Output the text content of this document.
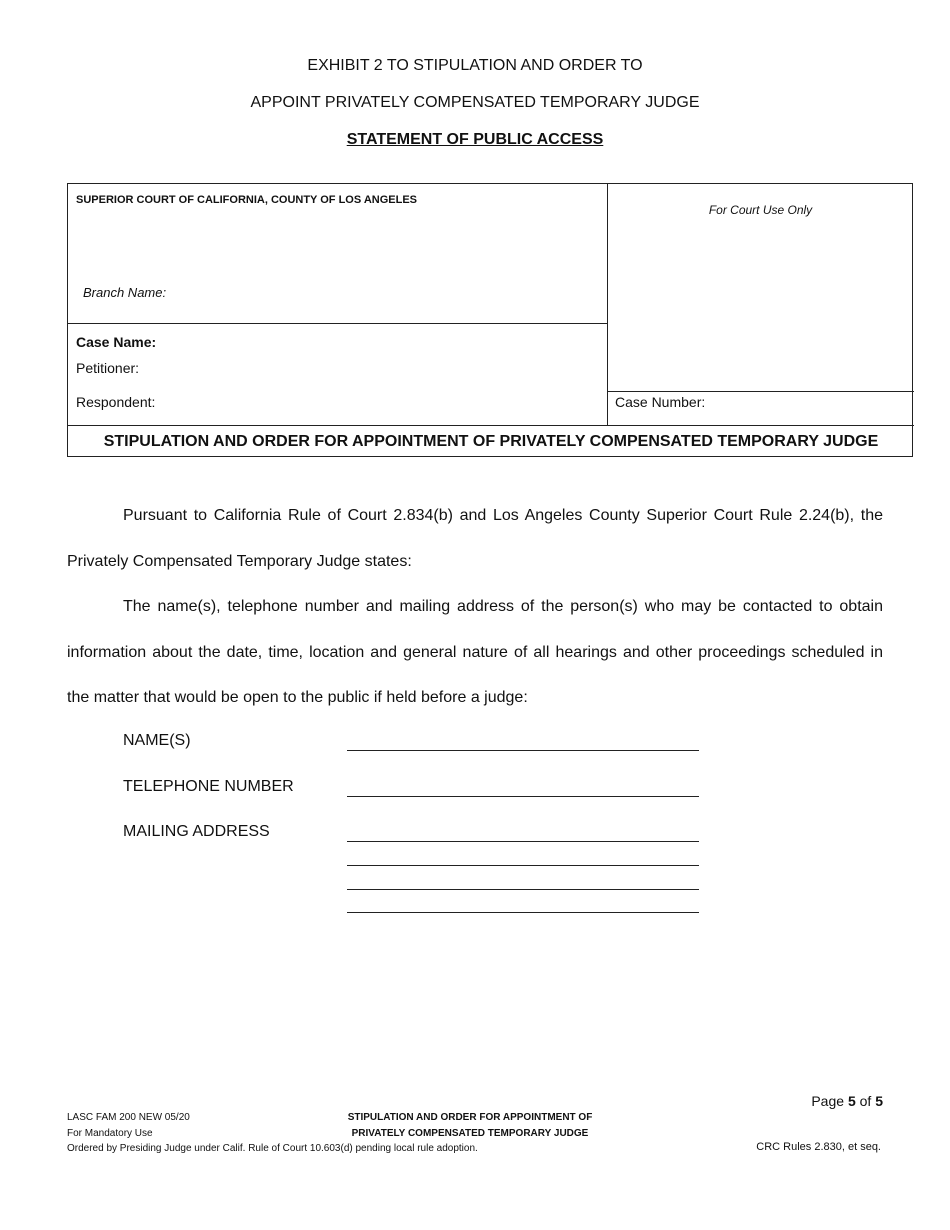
EXHIBIT 2 TO STIPULATION AND ORDER TO
APPOINT PRIVATELY COMPENSATED TEMPORARY JUDGE
STATEMENT OF PUBLIC ACCESS
SUPERIOR COURT OF CALIFORNIA, COUNTY OF LOS ANGELES
Branch Name:
Case Name:
Petitioner:
Respondent:
For Court Use Only
Case Number:
STIPULATION AND ORDER FOR APPOINTMENT OF PRIVATELY COMPENSATED TEMPORARY JUDGE
Pursuant to California Rule of Court 2.834(b) and Los Angeles County Superior Court Rule 2.24(b), the Privately Compensated Temporary Judge states:
The name(s), telephone number and mailing address of the person(s) who may be contacted to obtain information about the date, time, location and general nature of all hearings and other proceedings scheduled in the matter that would be open to the public if held before a judge:
NAME(S)
TELEPHONE NUMBER
MAILING ADDRESS
Page 5 of 5
LASC FAM 200 NEW 05/20
For Mandatory Use
Ordered by Presiding Judge under Calif. Rule of Court 10.603(d) pending local rule adoption.
STIPULATION AND ORDER FOR APPOINTMENT OF
PRIVATELY COMPENSATED TEMPORARY JUDGE
CRC Rules 2.830, et seq.
